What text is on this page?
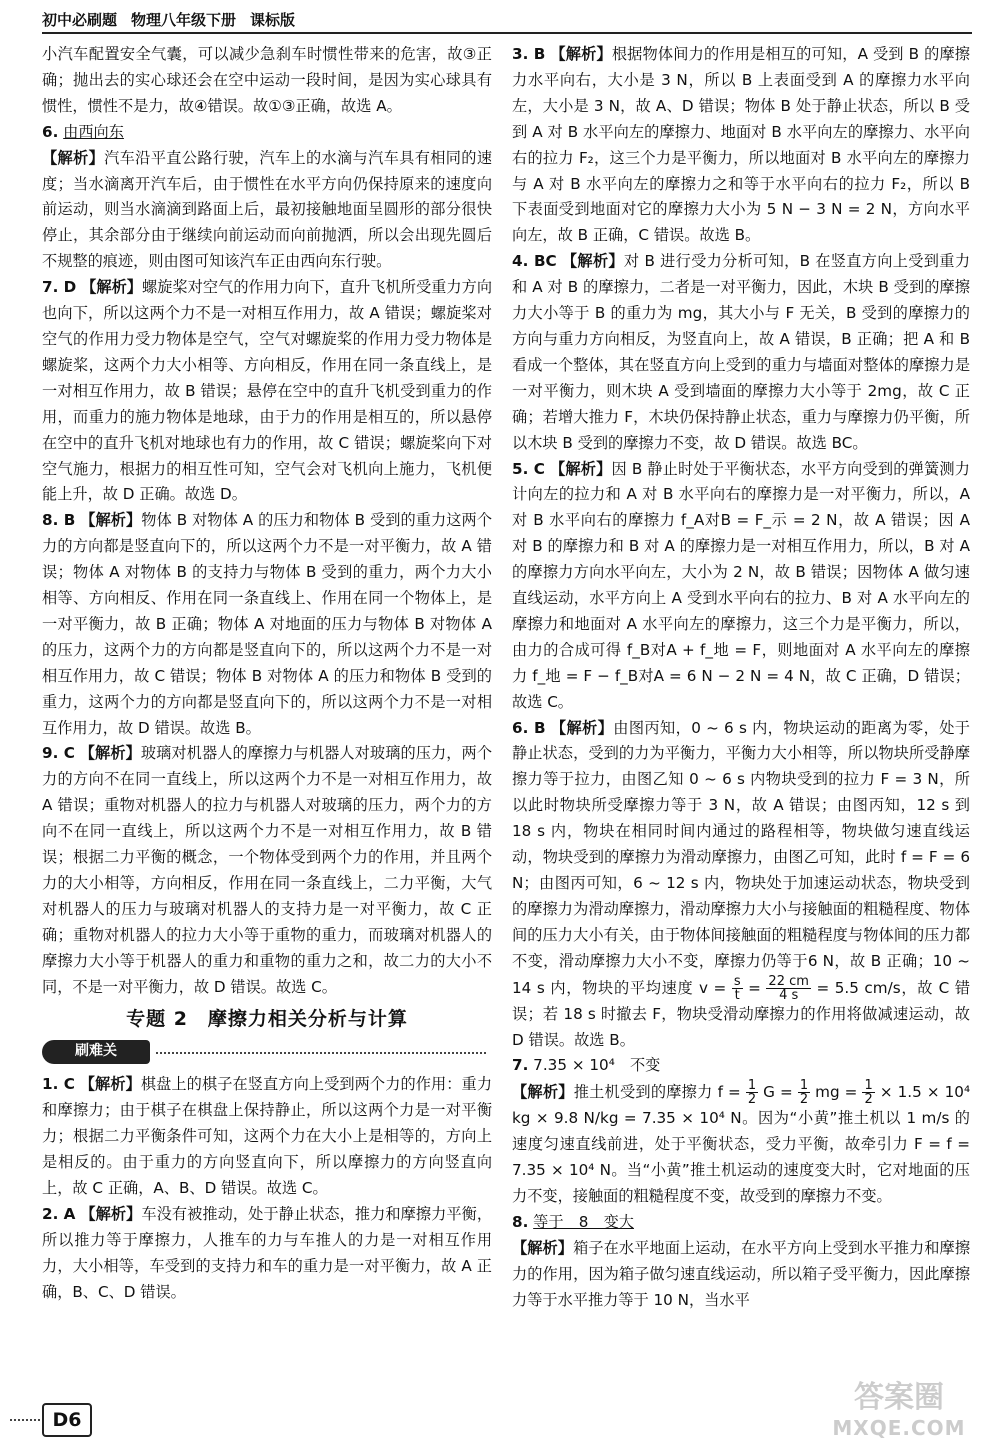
初中必刷题 物理八年级下册 课标版

小汽车配置安全气囊，可以减少急刹车时惯性带来的危害，故③正确；抛出去的实心球还会在空中运动一段时间，是因为实心球具有惯性，惯性不是力，故④错误。故①③正确，故选 A。

6. 由西向东
【解析】汽车沿平直公路行驶，汽车上的水滴与汽车具有相同的速度；当水滴离开汽车后，由于惯性在水平方向仍保持原来的速度向前运动，则当水滴滴到路面上后，最初接触地面呈圆形的部分很快停止，其余部分由于继续向前运动而向前抛洒，所以会出现先圆后不规整的痕迹，则由图可知该汽车正由西向东行驶。

7. D 【解析】螺旋桨对空气的作用力向下，直升飞机所受重力方向也向下，所以这两个力不是一对相互作用力，故 A 错误；螺旋桨对空气的作用力受力物体是空气，空气对螺旋桨的作用力受力物体是螺旋桨，这两个力大小相等、方向相反，作用在同一条直线上，是一对相互作用力，故 B 错误；悬停在空中的直升飞机受到重力的作用，而重力的施力物体是地球，由于力的作用是相互的，所以悬停在空中的直升飞机对地球也有力的作用，故 C 错误；螺旋桨向下对空气施力，根据力的相互性可知，空气会对飞机向上施力，飞机便能上升，故 D 正确。故选 D。

8. B 【解析】物体 B 对物体 A 的压力和物体 B 受到的重力这两个力的方向都是竖直向下的，所以这两个力不是一对平衡力，故 A 错误；物体 A 对物体 B 的支持力与物体 B 受到的重力，两个力大小相等、方向相反、作用在同一条直线上、作用在同一个物体上，是一对平衡力，故 B 正确；物体 A 对地面的压力与物体 B 对物体 A 的压力，这两个力的方向都是竖直向下的，所以这两个力不是一对相互作用力，故 C 错误；物体 B 对物体 A 的压力和物体 B 受到的重力，这两个力的方向都是竖直向下的，所以这两个力不是一对相互作用力，故 D 错误。故选 B。

9. C 【解析】玻璃对机器人的摩擦力与机器人对玻璃的压力，两个力的方向不在同一直线上，所以这两个力不是一对相互作用力，故 A 错误；重物对机器人的拉力与机器人对玻璃的压力，两个力的方向不在同一直线上，所以这两个力不是一对相互作用力，故 B 错误；根据二力平衡的概念，一个物体受到两个力的作用，并且两个力的大小相等，方向相反，作用在同一条直线上，二力平衡，大气对机器人的压力与玻璃对机器人的支持力是一对平衡力，故 C 正确；重物对机器人的拉力大小等于重物的重力，而玻璃对机器人的摩擦力大小等于机器人的重力和重物的重力之和，故二力的大小不同，不是一对平衡力，故 D 错误。故选 C。

专题 2　摩擦力相关分析与计算
刷难关

1. C 【解析】棋盘上的棋子在竖直方向上受到两个力的作用：重力和摩擦力；由于棋子在棋盘上保持静止，所以这两个力是一对平衡力；根据二力平衡条件可知，这两个力在大小上是相等的，方向上是相反的。由于重力的方向竖直向下，所以摩擦力的方向竖直向上，故 C 正确，A、B、D 错误。故选 C。

2. A 【解析】车没有被推动，处于静止状态，推力和摩擦力平衡，所以推力等于摩擦力，人推车的力与车推人的力是一对相互作用力，大小相等，车受到的支持力和车的重力是一对平衡力，故 A 正确，B、C、D 错误。

3. B 【解析】根据物体间力的作用是相互的可知，A 受到 B 的摩擦力水平向右，大小是 3 N，所以 B 上表面受到 A 的摩擦力水平向左，大小是 3 N，故 A、D 错误；物体 B 处于静止状态，所以 B 受到 A 对 B 水平向左的摩擦力、地面对 B 水平向左的摩擦力、水平向右的拉力 F₂，这三个力是平衡力，所以地面对 B 水平向左的摩擦力与 A 对 B 水平向左的摩擦力之和等于水平向右的拉力 F₂，所以 B 下表面受到地面对它的摩擦力大小为 5 N − 3 N = 2 N，方向水平向左，故 B 正确，C 错误。故选 B。

4. BC 【解析】对 B 进行受力分析可知，B 在竖直方向上受到重力和 A 对 B 的摩擦力，二者是一对平衡力，因此，木块 B 受到的摩擦力大小等于 B 的重力为 mg，其大小与 F 无关，B 受到的摩擦力的方向与重力方向相反，为竖直向上，故 A 错误，B 正确；把 A 和 B 看成一个整体，其在竖直方向上受到的重力与墙面对整体的摩擦力是一对平衡力，则木块 A 受到墙面的摩擦力大小等于 2mg，故 C 正确；若增大推力 F，木块仍保持静止状态，重力与摩擦力仍平衡，所以木块 B 受到的摩擦力不变，故 D 错误。故选 BC。

5. C 【解析】因 B 静止时处于平衡状态，水平方向受到的弹簧测力计向左的拉力和 A 对 B 水平向右的摩擦力是一对平衡力，所以，A 对 B 水平向右的摩擦力 f_A对B = F_示 = 2 N，故 A 错误；因 A 对 B 的摩擦力和 B 对 A 的摩擦力是一对相互作用力，所以，B 对 A 的摩擦力方向水平向左，大小为 2 N，故 B 错误；因物体 A 做匀速直线运动，水平方向上 A 受到水平向右的拉力、B 对 A 水平向左的摩擦力和地面对 A 水平向左的摩擦力，这三个力是平衡力，所以，由力的合成可得 f_B对A + f_地 = F，则地面对 A 水平向左的摩擦力 f_地 = F − f_B对A = 6 N − 2 N = 4 N，故 C 正确，D 错误；故选 C。

6. B 【解析】由图丙知，0 ~ 6 s 内，物块运动的距离为零，处于静止状态，受到的力为平衡力，平衡力大小相等，所以物块所受静摩擦力等于拉力，由图乙知 0 ~ 6 s 内物块受到的拉力 F = 3 N，所以此时物块所受摩擦力等于 3 N，故 A 错误；由图丙知，12 s 到 18 s 内，物块在相同时间内通过的路程相等，物块做匀速直线运动，物块受到的摩擦力为滑动摩擦力，由图乙可知，此时 f = F = 6 N；由图丙可知，6 ~ 12 s 内，物块处于加速运动状态，物块受到的摩擦力为滑动摩擦力，滑动摩擦力大小与接触面的粗糙程度、物体间的压力大小有关，由于物体间接触面的粗糙程度与物体间的压力都不变，滑动摩擦力大小不变，摩擦力仍等于6 N，故 B 正确；10 ~ 14 s 内，物块的平均速度 $v = \frac{s}{t} = \frac{22 cm}{4 s} = 5.5$ cm/s，故 C 错误；若 18 s 时撤去 F，物块受滑动摩擦力的作用将做减速运动，故 D 错误。故选 B。

7. 7.35 × 10⁴　不变
【解析】推土机受到的摩擦力 $f = \frac{1}{2}$ $G = \frac{1}{2}$ mg = $\frac{1}{2} \times 1.5 \times 10^4$ kg × 9.8 N/kg = 7.35 × 10⁴ N。因为“小黄”推土机以 1 m/s 的速度匀速直线前进，处于平衡状态，受力平衡，故牵引力 F = f = 7.35 × 10⁴ N。当“小黄”推土机运动的速度变大时，它对地面的压力不变，接触面的粗糙程度不变，故受到的摩擦力不变。

8. 等于　8　变大
【解析】箱子在水平地面上运动，在水平方向上受到水平推力和摩擦力的作用，因为箱子做匀速直线运动，所以箱子受平衡力，因此摩擦力等于水平推力等于 10 N，当水平

D6
答案圈
MXQE.COM
